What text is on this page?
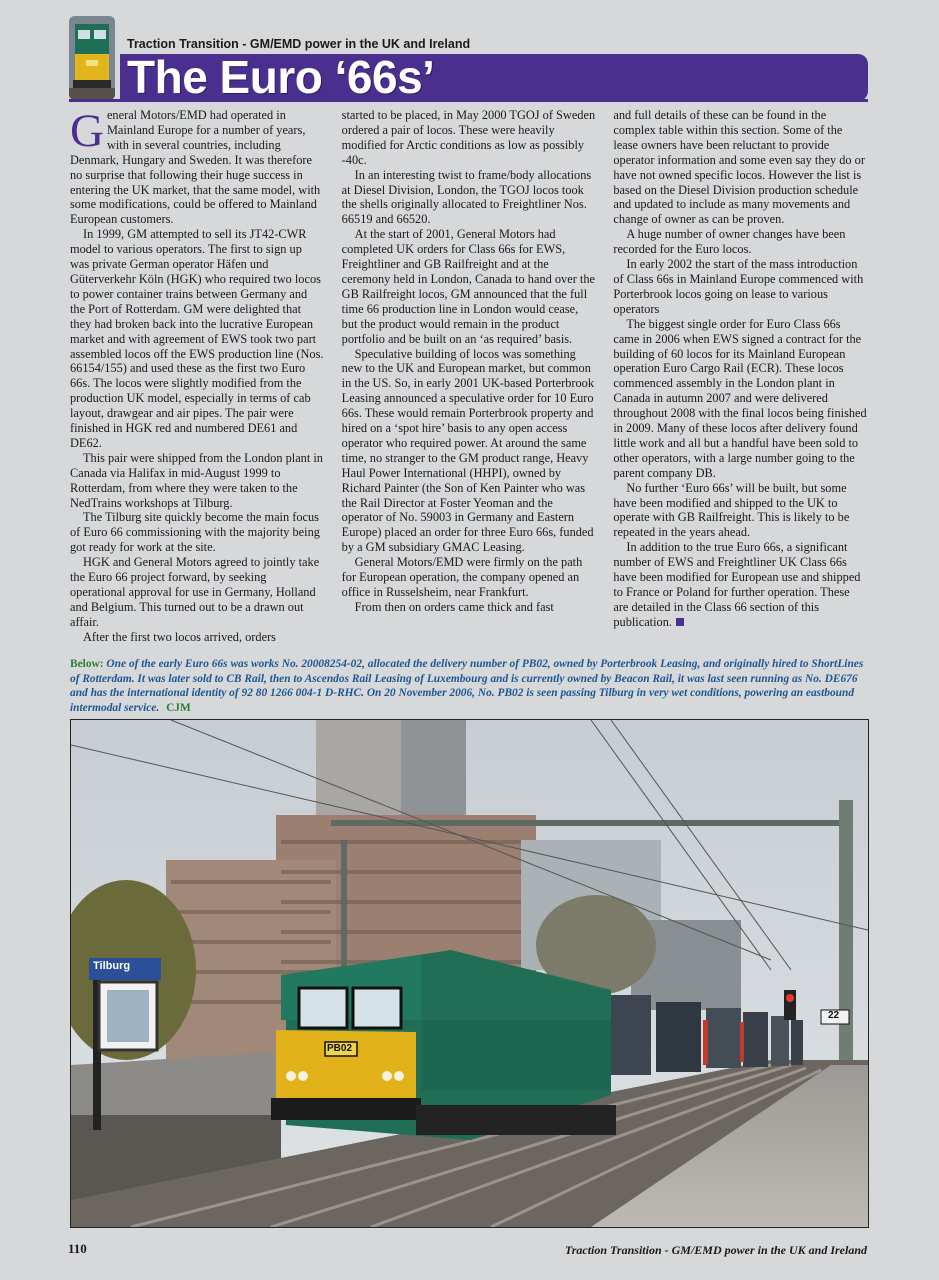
Traction Transition - GM/EMD power in the UK and Ireland
The Euro ‘66s’

General Motors/EMD had operated in Mainland Europe for a number of years, with in several countries, including Denmark, Hungary and Sweden. It was therefore no surprise that following their huge success in entering the UK market, that the same model, with some modifications, could be offered to Mainland European customers.

In 1999, GM attempted to sell its JT42-CWR model to various operators. The first to sign up was private German operator Häfen und Güterverkehr Köln (HGK) who required two locos to power container trains between Germany and the Port of Rotterdam. GM were delighted that they had broken back into the lucrative European market and with agreement of EWS took two part assembled locos off the EWS production line (Nos. 66154/155) and used these as the first two Euro 66s. The locos were slightly modified from the production UK model, especially in terms of cab layout, drawgear and air pipes. The pair were finished in HGK red and numbered DE61 and DE62.

This pair were shipped from the London plant in Canada via Halifax in mid-August 1999 to Rotterdam, from where they were taken to the NedTrains workshops at Tilburg.

The Tilburg site quickly become the main focus of Euro 66 commissioning with the majority being got ready for work at the site.

HGK and General Motors agreed to jointly take the Euro 66 project forward, by seeking operational approval for use in Germany, Holland and Belgium. This turned out to be a drawn out affair.

After the first two locos arrived, orders

started to be placed, in May 2000 TGOJ of Sweden ordered a pair of locos. These were heavily modified for Arctic conditions as low as possibly -40c.

In an interesting twist to frame/body allocations at Diesel Division, London, the TGOJ locos took the shells originally allocated to Freightliner Nos. 66519 and 66520.

At the start of 2001, General Motors had completed UK orders for Class 66s for EWS, Freightliner and GB Railfreight and at the ceremony held in London, Canada to hand over the GB Railfreight locos, GM announced that the full time 66 production line in London would cease, but the product would remain in the product portfolio and be built on an ‘as required’ basis.

Speculative building of locos was something new to the UK and European market, but common in the US. So, in early 2001 UK-based Porterbrook Leasing announced a speculative order for 10 Euro 66s. These would remain Porterbrook property and hired on a ‘spot hire’ basis to any open access operator who required power. At around the same time, no stranger to the GM product range, Heavy Haul Power International (HHPI), owned by Richard Painter (the Son of Ken Painter who was the Rail Director at Foster Yeoman and the operator of No. 59003 in Germany and Eastern Europe) placed an order for three Euro 66s, funded by a GM subsidiary GMAC Leasing.

General Motors/EMD were firmly on the path for European operation, the company opened an office in Russelsheim, near Frankfurt.

From then on orders came thick and fast

and full details of these can be found in the complex table within this section. Some of the lease owners have been reluctant to provide operator information and some even say they do or have not owned specific locos. However the list is based on the Diesel Division production schedule and updated to include as many movements and change of owner as can be proven.

A huge number of owner changes have been recorded for the Euro locos.

In early 2002 the start of the mass introduction of Class 66s in Mainland Europe commenced with Porterbrook locos going on lease to various operators

The biggest single order for Euro Class 66s came in 2006 when EWS signed a contract for the building of 60 locos for its Mainland European operation Euro Cargo Rail (ECR). These locos commenced assembly in the London plant in Canada in autumn 2007 and were delivered throughout 2008 with the final locos being finished in 2009. Many of these locos after delivery found little work and all but a handful have been sold to other operators, with a large number going to the parent company DB.

No further ‘Euro 66s’ will be built, but some have been modified and shipped to the UK to operate with GB Railfreight. This is likely to be repeated in the years ahead.

In addition to the true Euro 66s, a significant number of EWS and Freightliner UK Class 66s have been modified for European use and shipped to France or Poland for further operation. These are detailed in the Class 66 section of this publication.

Below: One of the early Euro 66s was works No. 20008254-02, allocated the delivery number of PB02, owned by Porterbrook Leasing, and originally hired to ShortLines of Rotterdam. It was later sold to CB Rail, then to Ascendos Rail Leasing of Luxembourg and is currently owned by Beacon Rail, it was last seen running as No. DE676 and has the international identity of 92 80 1266 004-1 D-RHC. On 20 November 2006, No. PB02 is seen passing Tilburg in very wet conditions, powering an eastbound intermodal service. CJM
Tilburg
PB02
22
110	Traction Transition - GM/EMD power in the UK and Ireland
